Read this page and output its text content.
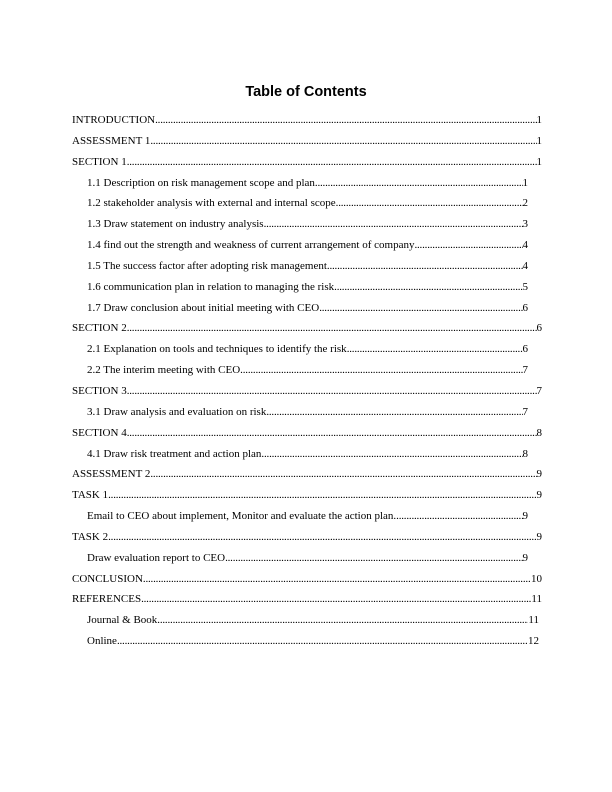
Table of Contents
INTRODUCTION .....	1
ASSESSMENT 1 .....	1
SECTION 1 .....	1
1.1 Description on risk management scope and plan .....	1
1.2 stakeholder analysis with external and internal scope .....	2
1.3 Draw statement on industry analysis .....	3
1.4 find out the strength and weakness of current arrangement of company .....	4
1.5 The success factor after adopting risk management .....	4
1.6 communication plan in relation to managing the risk .....	5
1.7 Draw conclusion about initial meeting with CEO .....	6
SECTION 2 .....	6
2.1 Explanation on tools and techniques to identify the risk .....	6
2.2 The interim meeting with CEO .....	7
SECTION 3 .....	7
3.1 Draw analysis and evaluation on risk .....	7
SECTION 4 .....	8
4.1 Draw risk treatment and action plan .....	8
ASSESSMENT 2 .....	9
TASK 1 .....	9
Email to CEO about implement, Monitor and evaluate the action plan. .....	9
TASK 2 .....	9
Draw evaluation report to CEO .....	9
CONCLUSION .....	10
REFERENCES .....	11
Journal & Book .....	11
Online .....	12
